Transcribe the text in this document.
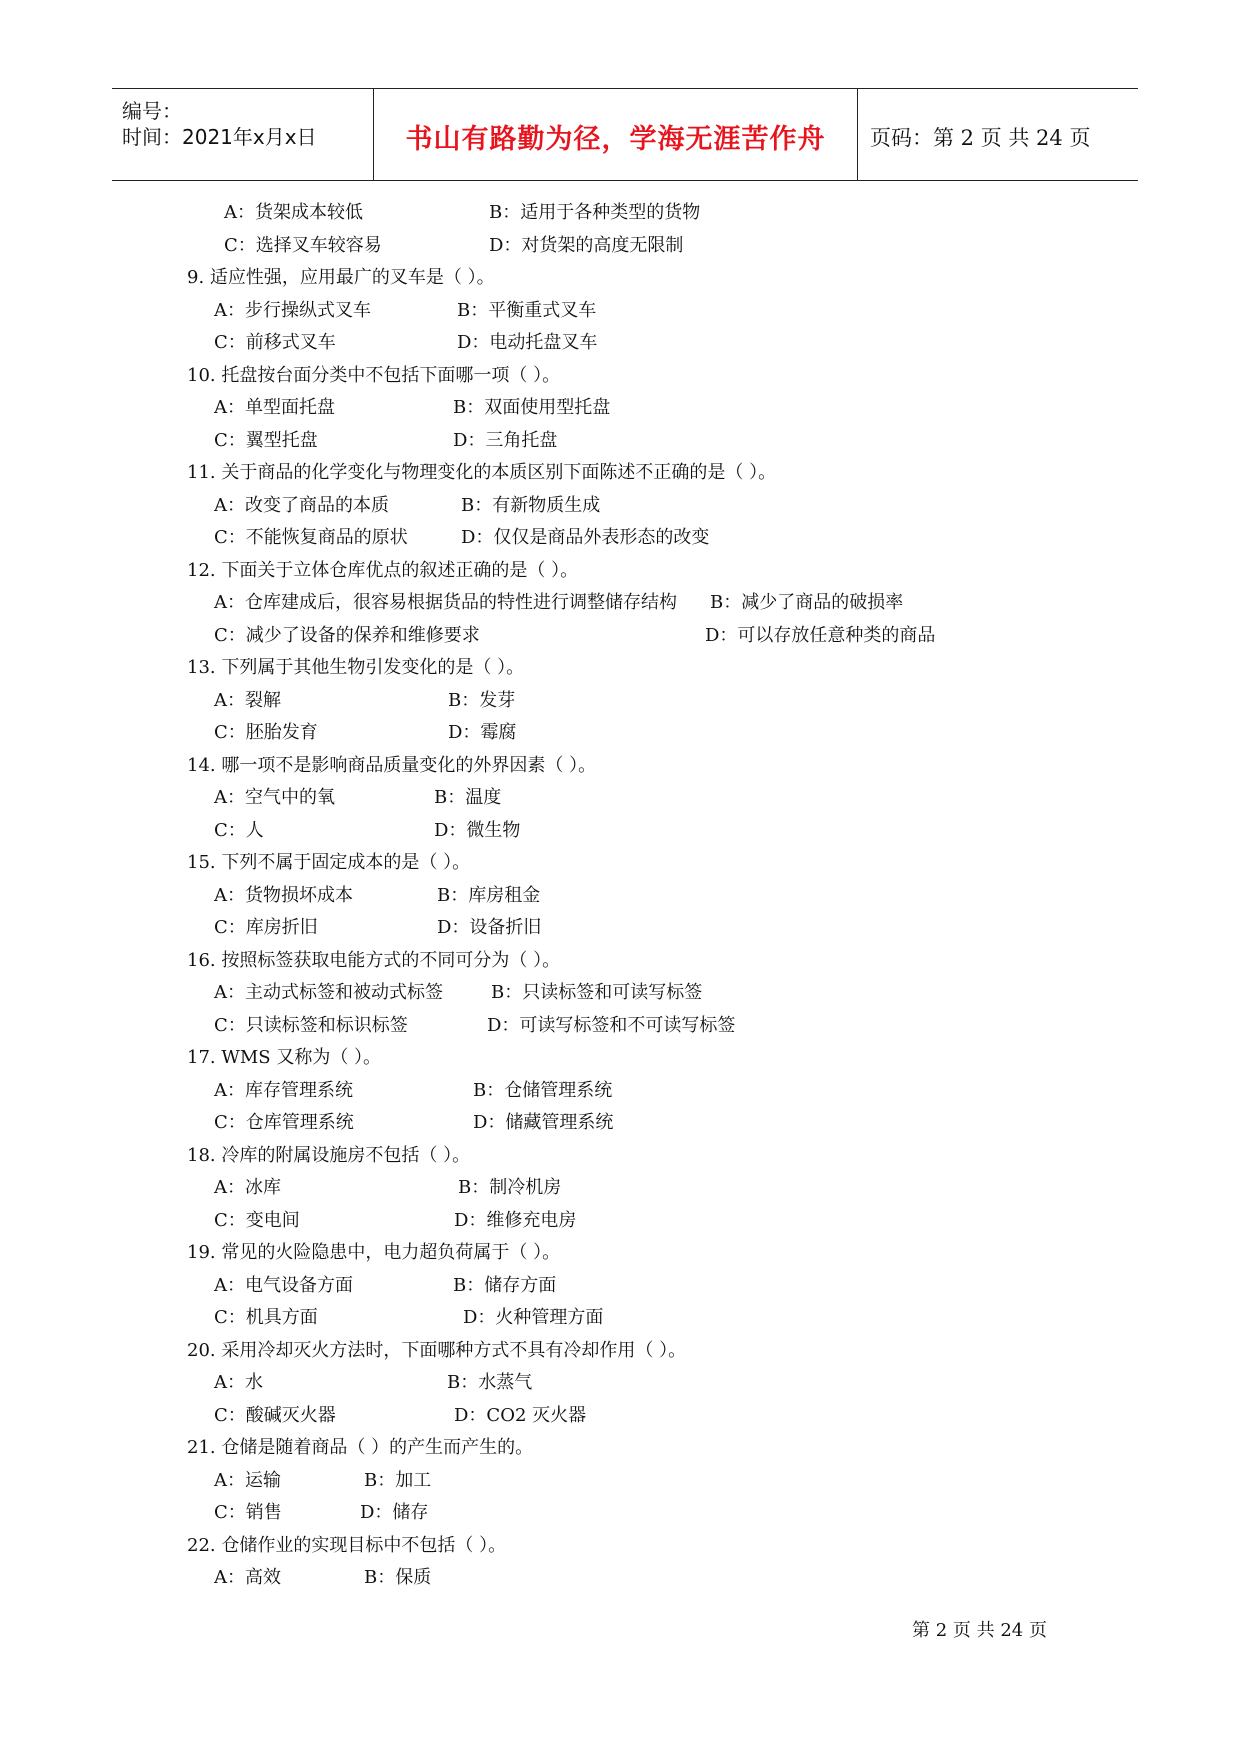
编号：
时间：2021年x月x日	书山有路勤为径，学海无涯苦作舟	页码：第 2 页 共 24 页
A：货架成本较低	B：适用于各种类型的货物
C：选择叉车较容易	D：对货架的高度无限制
9. 适应性强，应用最广的叉车是（ ）。
A：步行操纵式叉车	B：平衡重式叉车
C：前移式叉车	D：电动托盘叉车
10. 托盘按台面分类中不包括下面哪一项（ ）。
A：单型面托盘	B：双面使用型托盘
C：翼型托盘	D：三角托盘
11. 关于商品的化学变化与物理变化的本质区别下面陈述不正确的是（ ）。
A：改变了商品的本质	B：有新物质生成
C：不能恢复商品的原状	D：仅仅是商品外表形态的改变
12. 下面关于立体仓库优点的叙述正确的是（ ）。
A：仓库建成后，很容易根据货品的特性进行调整储存结构 B：减少了商品的破损率
C：减少了设备的保养和维修要求	D：可以存放任意种类的商品
13. 下列属于其他生物引发变化的是（ ）。
A：裂解	B：发芽
C：胚胎发育	D：霉腐
14. 哪一项不是影响商品质量变化的外界因素（ ）。
A：空气中的氧	B：温度
C：人	D：微生物
15. 下列不属于固定成本的是（ ）。
A：货物损坏成本	B：库房租金
C：库房折旧	D：设备折旧
16. 按照标签获取电能方式的不同可分为（ ）。
A：主动式标签和被动式标签	B：只读标签和可读写标签
C：只读标签和标识标签	D：可读写标签和不可读写标签
17. WMS 又称为（ ）。
A：库存管理系统	B：仓储管理系统
C：仓库管理系统	D：储藏管理系统
18. 冷库的附属设施房不包括（ ）。
A：冰库	B：制冷机房
C：变电间	D：维修充电房
19. 常见的火险隐患中，电力超负荷属于（ ）。
A：电气设备方面	B：储存方面
C：机具方面	D：火种管理方面
20. 采用冷却灭火方法时，下面哪种方式不具有冷却作用（ ）。
A：水	B：水蒸气
C：酸碱灭火器	D：CO2 灭火器
21. 仓储是随着商品（ ）的产生而产生的。
A：运输	B：加工
C：销售	D：储存
22. 仓储作业的实现目标中不包括（ ）。
A：高效	B：保质
第 2 页 共 24 页
